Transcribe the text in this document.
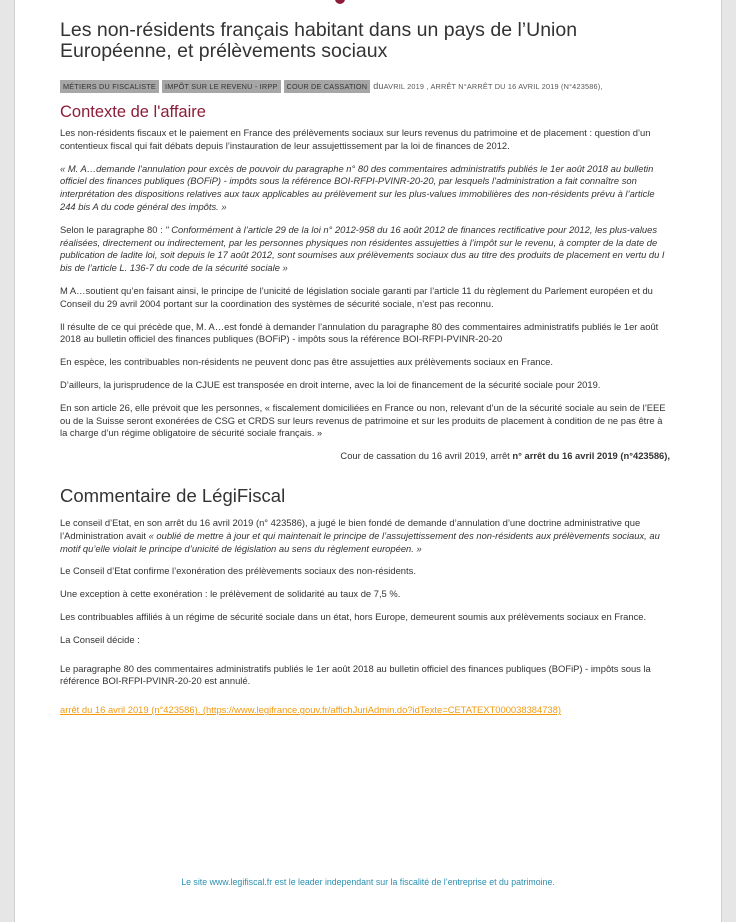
Les non-résidents français habitant dans un pays de l’Union Européenne, et prélèvements sociaux
MÉTIERS DU FISCALISTE IMPÔT SUR LE REVENU - IRPP COUR DE CASSATION duAVRIL 2019 , ARRÊT N°ARRÊT DU 16 AVRIL 2019 (N°423586),
Contexte de l'affaire

Les non-résidents fiscaux et le paiement en France des prélèvements sociaux sur leurs revenus du patrimoine et de placement : question d’un contentieux fiscal qui fait débats depuis l’instauration de leur assujettissement par la loi de finances de 2012.

« M. A…demande l’annulation pour excès de pouvoir du paragraphe n° 80 des commentaires administratifs publiés le 1er août 2018 au bulletin officiel des finances publiques (BOFiP) - impôts sous la référence BOI-RFPI-PVINR-20-20, par lesquels l’administration a fait connaître son interprétation des dispositions relatives aux taux applicables au prélèvement sur les plus-values immobilières des non-résidents prévu à l’article 244 bis A du code général des impôts. »

Selon le paragraphe 80 : " Conformément à l’article 29 de la loi n° 2012-958 du 16 août 2012 de finances rectificative pour 2012, les plus-values réalisées, directement ou indirectement, par les personnes physiques non résidentes assujetties à l’impôt sur le revenu, à compter de la date de publication de ladite loi, soit depuis le 17 août 2012, sont soumises aux prélèvements sociaux dus au titre des produits de placement en vertu du I bis de l’article L. 136-7 du code de la sécurité sociale »

M A…soutient qu’en faisant ainsi, le principe de l’unicité de législation sociale garanti par l’article 11 du règlement du Parlement européen et du Conseil du 29 avril 2004 portant sur la coordination des systèmes de sécurité sociale, n’est pas reconnu.

Il résulte de ce qui précède que, M. A…est fondé à demander l’annulation du paragraphe 80 des commentaires administratifs publiés le 1er août 2018 au bulletin officiel des finances publiques (BOFiP) - impôts sous la référence BOI-RFPI-PVINR-20-20

En espèce, les contribuables non-résidents ne peuvent donc pas être assujetties aux prélèvements sociaux en France.

D’ailleurs, la jurisprudence de la CJUE est transposée en droit interne, avec la loi de financement de la sécurité sociale pour 2019.

En son article 26, elle prévoit que les personnes, « fiscalement domiciliées en France ou non, relevant d’un de la sécurité sociale au sein de l’EEE ou de la Suisse seront exonérées de CSG et CRDS sur leurs revenus de patrimoine et sur les produits de placement à condition de ne pas être à la charge d’un régime obligatoire de sécurité sociale français. »

Cour de cassation du 16 avril 2019, arrêt n° arrêt du 16 avril 2019 (n°423586),

Commentaire de LégiFiscal

Le conseil d’Etat, en son arrêt du 16 avril 2019 (n° 423586), a jugé le bien fondé de demande d’annulation d’une doctrine administrative que l’Administration avait « oublié de mettre à jour et qui maintenait le principe de l’assujettissement des non-résidents aux prélèvements sociaux, au motif qu’elle violait le principe d’unicité de législation au sens du règlement européen. »

Le Conseil d’Etat confirme l’exonération des prélèvements sociaux des non-résidents.

Une exception à cette exonération : le prélèvement de solidarité au taux de 7,5 %.

Les contribuables affiliés à un régime de sécurité sociale dans un état, hors Europe, demeurent soumis aux prélèvements sociaux en France.

La Conseil décide :

Le paragraphe 80 des commentaires administratifs publiés le 1er août 2018 au bulletin officiel des finances publiques (BOFiP) - impôts sous la référence BOI-RFPI-PVINR-20-20 est annulé.

arrêt du 16 avril 2019 (n°423586). (https://www.legifrance.gouv.fr/affichJuriAdmin.do?idTexte=CETATEXT000038384738)
Le site www.legifiscal.fr est le leader independant sur la fiscalité de l’entreprise et du patrimoine.
